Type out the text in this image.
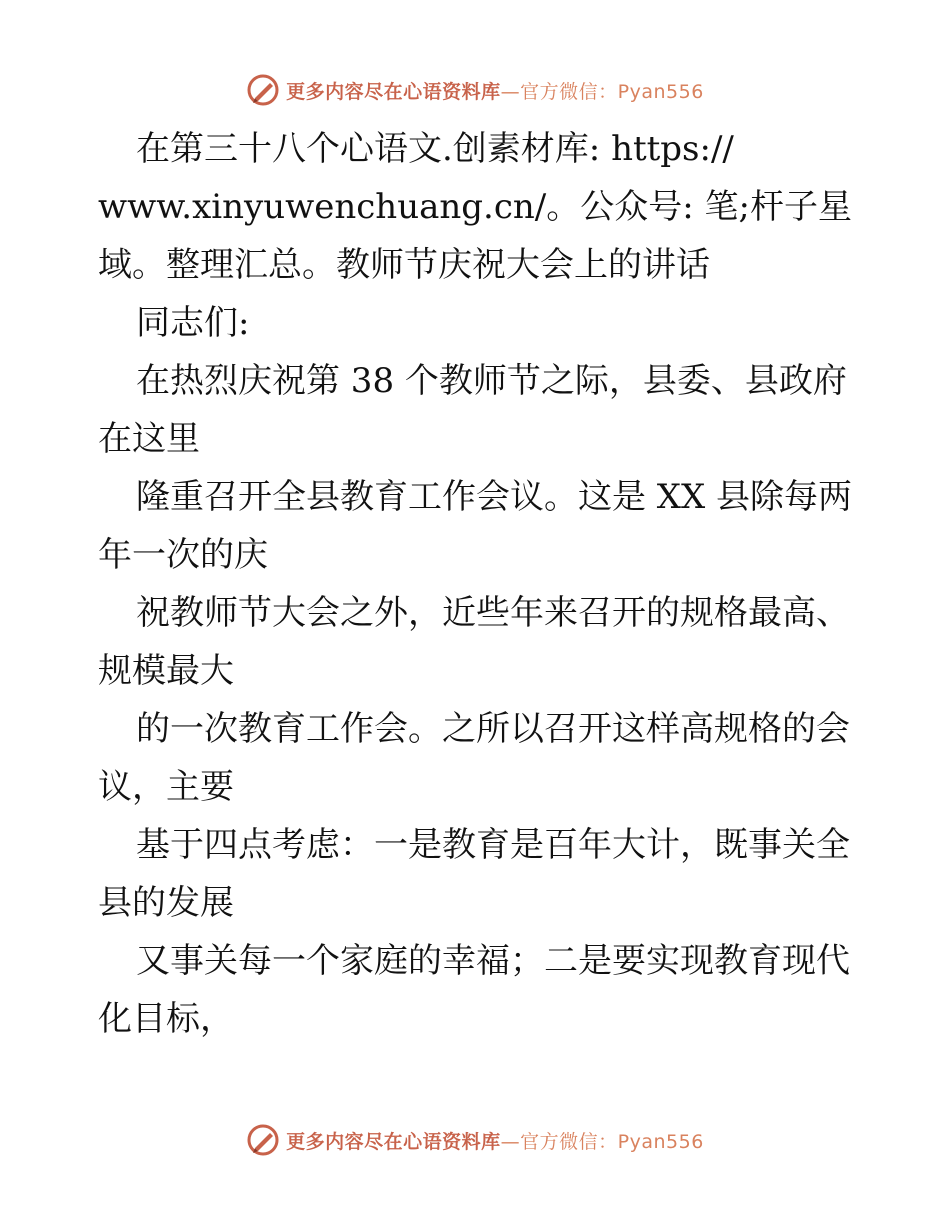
更多内容尽在心语资料库—官方微信：Pyan556
在第三十八个心语文.创素材库: https://
www.xinyuwenchuang.cn/。公众号: 笔;杆子星
域。整理汇总。教师节庆祝大会上的讲话
同志们:
在热烈庆祝第 38 个教师节之际，县委、县政府
在这里
隆重召开全县教育工作会议。这是 XX 县除每两
年一次的庆
祝教师节大会之外，近些年来召开的规格最高、
规模最大
的一次教育工作会。之所以召开这样高规格的会
议，主要
基于四点考虑：一是教育是百年大计，既事关全
县的发展
又事关每一个家庭的幸福；二是要实现教育现代
化目标，
更多内容尽在心语资料库—官方微信：Pyan556
